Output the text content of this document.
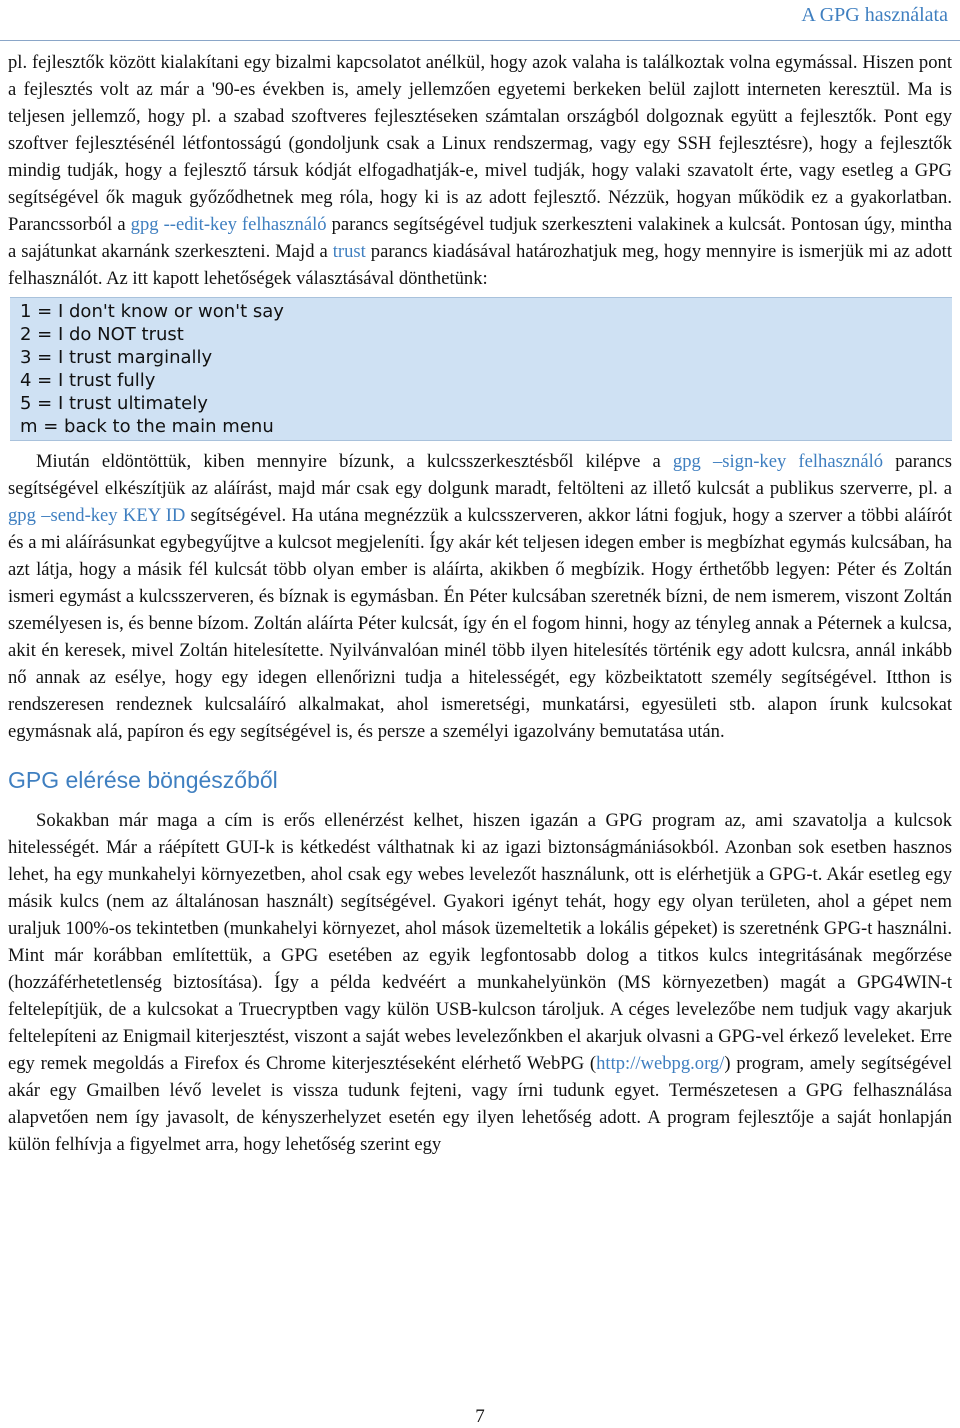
A GPG használata

pl. fejlesztők között kialakítani egy bizalmi kapcsolatot anélkül, hogy azok valaha is találkoztak volna egymással. Hiszen pont a fejlesztés volt az már a '90-es években is, amely jellemzően egyetemi berkeken belül zajlott interneten keresztül. Ma is teljesen jellemző, hogy pl. a szabad szoftveres fejlesztéseken számtalan országból dolgoznak együtt a fejlesztők. Pont egy szoftver fejlesztésénél létfontosságú (gondoljunk csak a Linux rendszermag, vagy egy SSH fejlesztésre), hogy a fejlesztők mindig tudják, hogy a fejlesztő társuk kódját elfogadhatják-e, mivel tudják, hogy valaki szavatolt érte, vagy esetleg a GPG segítségével ők maguk győződhetnek meg róla, hogy ki is az adott fejlesztő. Nézzük, hogyan működik ez a gyakorlatban. Parancssorból a gpg --edit-key felhasználó parancs segítségével tudjuk szerkeszteni valakinek a kulcsát. Pontosan úgy, mintha a sajátunkat akarnánk szerkeszteni. Majd a trust parancs kiadásával határozhatjuk meg, hogy mennyire is ismerjük mi az adott felhasználót. Az itt kapott lehetőségek választásával dönthetünk:

1 = I don't know or won't say
2 = I do NOT trust
3 = I trust marginally
4 = I trust fully
5 = I trust ultimately
m = back to the main menu

Miután eldöntöttük, kiben mennyire bízunk, a kulcsszerkesztésből kilépve a gpg –sign-key felhasználó parancs segítségével elkészítjük az aláírást, majd már csak egy dolgunk maradt, feltölteni az illető kulcsát a publikus szerverre, pl. a gpg –send-key KEY ID segítségével. Ha utána megnézzük a kulcsszerveren, akkor látni fogjuk, hogy a szerver a többi aláírót és a mi aláírásunkat egybegyűjtve a kulcsot megjeleníti. Így akár két teljesen idegen ember is megbízhat egymás kulcsában, ha azt látja, hogy a másik fél kulcsát több olyan ember is aláírta, akikben ő megbízik. Hogy érthetőbb legyen: Péter és Zoltán ismeri egymást a kulcsszerveren, és bíznak is egymásban. Én Péter kulcsában szeretnék bízni, de nem ismerem, viszont Zoltán személyesen is, és benne bízom. Zoltán aláírta Péter kulcsát, így én el fogom hinni, hogy az tényleg annak a Péternek a kulcsa, akit én keresek, mivel Zoltán hitelesítette. Nyilvánvalóan minél több ilyen hitelesítés történik egy adott kulcsra, annál inkább nő annak az esélye, hogy egy idegen ellenőrizni tudja a hitelességét, egy közbeiktatott személy segítségével. Itthon is rendszeresen rendeznek kulcsaláíró alkalmakat, ahol ismeretségi, munkatársi, egyesületi stb. alapon írunk kulcsokat egymásnak alá, papíron és egy segítségével is, és persze a személyi igazolvány bemutatása után.

GPG elérése böngészőből

Sokakban már maga a cím is erős ellenérzést kelhet, hiszen igazán a GPG program az, ami szavatolja a kulcsok hitelességét. Már a ráépített GUI-k is kétkedést válthatnak ki az igazi biztonságmániásokból. Azonban sok esetben hasznos lehet, ha egy munkahelyi környezetben, ahol csak egy webes levelezőt használunk, ott is elérhetjük a GPG-t. Akár esetleg egy másik kulcs (nem az általánosan használt) segítségével. Gyakori igényt tehát, hogy egy olyan területen, ahol a gépet nem uraljuk 100%-os tekintetben (munkahelyi környezet, ahol mások üzemeltetik a lokális gépeket) is szeretnénk GPG-t használni. Mint már korábban említettük, a GPG esetében az egyik legfontosabb dolog a titkos kulcs integritásának megőrzése (hozzáférhetetlenség biztosítása). Így a példa kedvéért a munkahelyünkön (MS környezetben) magát a GPG4WIN-t feltelepítjük, de a kulcsokat a Truecryptben vagy külön USB-kulcson tároljuk. A céges levelezőbe nem tudjuk vagy akarjuk feltelepíteni az Enigmail kiterjesztést, viszont a saját webes levelezőnkben el akarjuk olvasni a GPG-vel érkező leveleket. Erre egy remek megoldás a Firefox és Chrome kiterjesztéseként elérhető WebPG (http://webpg.org/) program, amely segítségével akár egy Gmailben lévő levelet is vissza tudunk fejteni, vagy írni tudunk egyet. Természetesen a GPG felhasználása alapvetően nem így javasolt, de kényszerhelyzet esetén egy ilyen lehetőség adott. A program fejlesztője a saját honlapján külön felhívja a figyelmet arra, hogy lehetőség szerint egy

7
